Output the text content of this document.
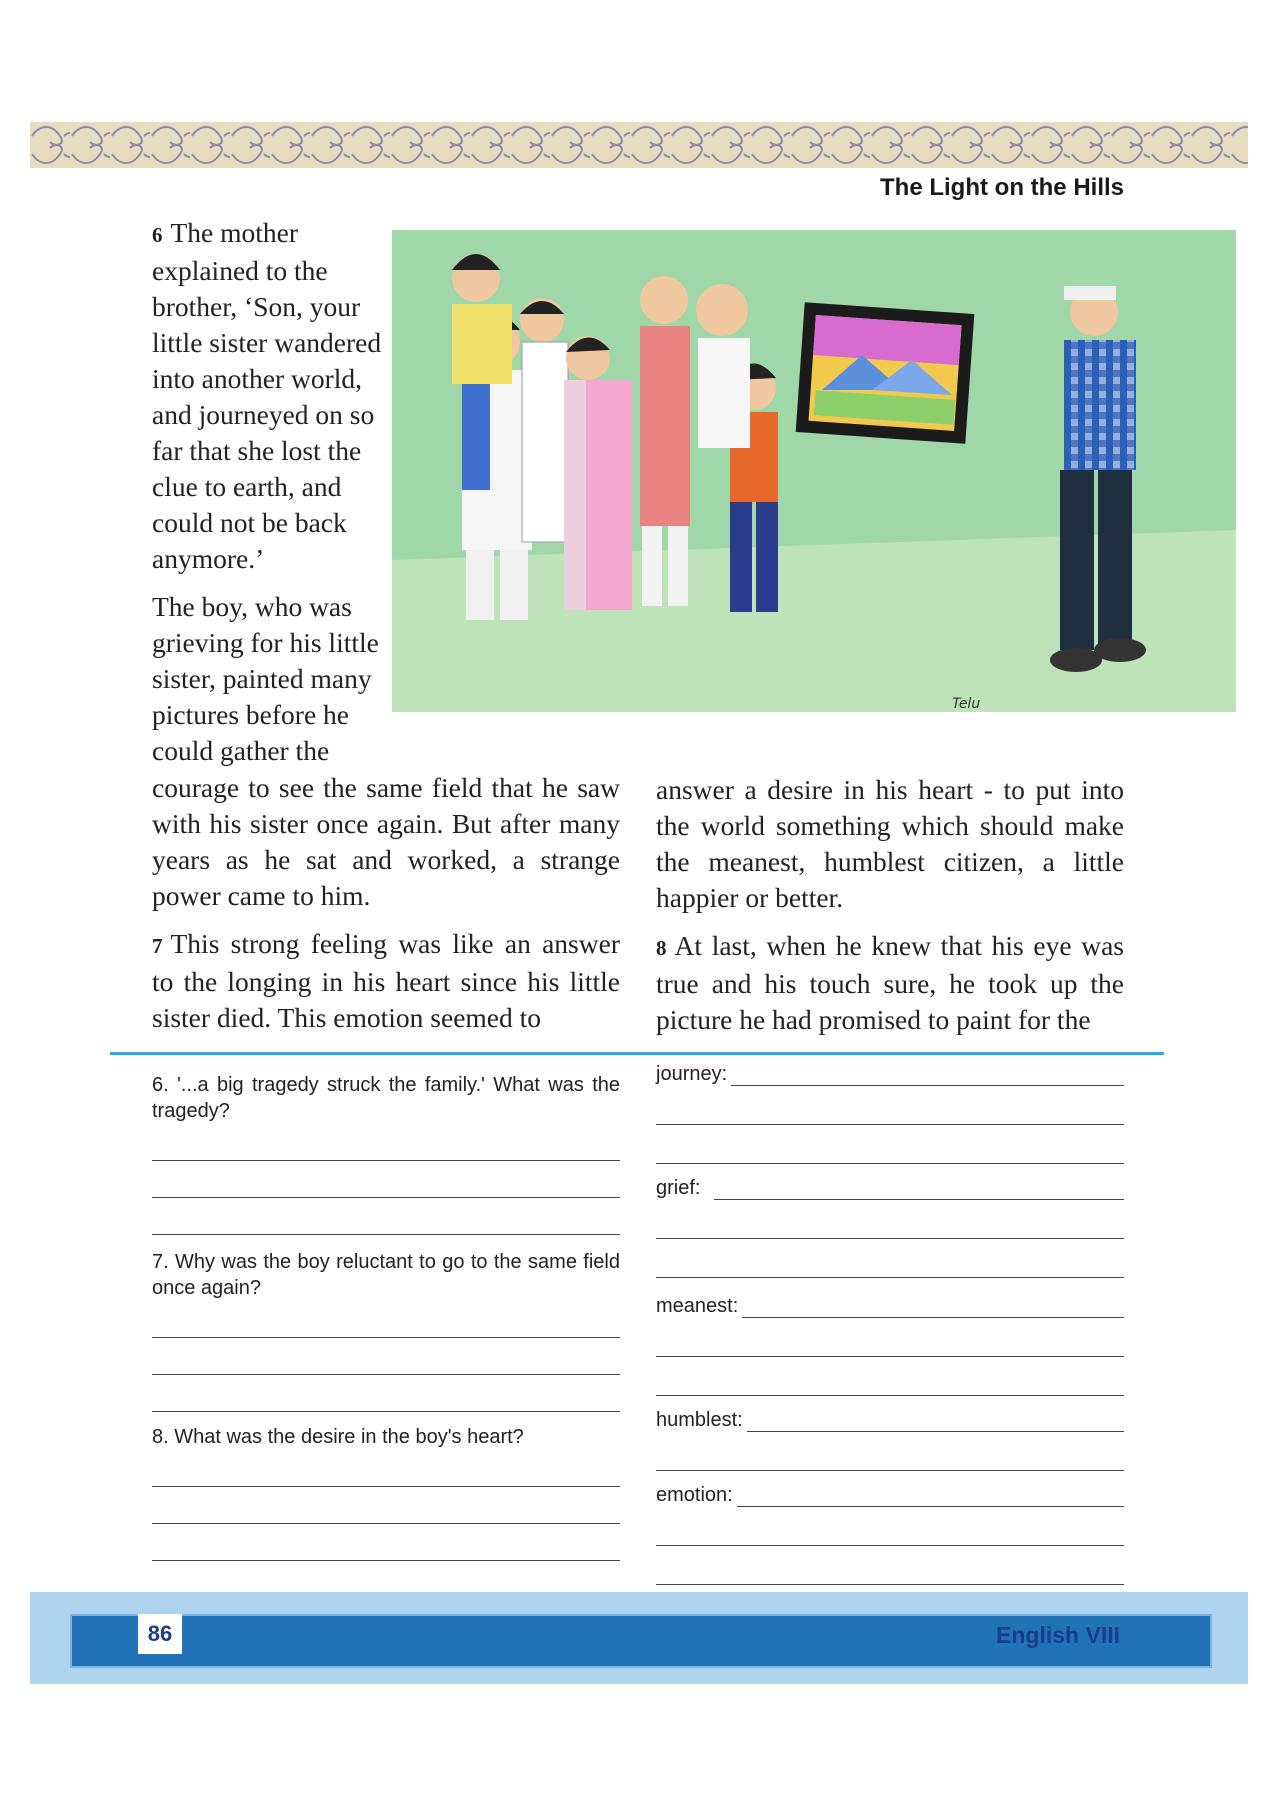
The Light on the Hills
6 The mother
explained to the
brother, ‘Son, your
little sister wandered
into another world,
and journeyed on so
far that she lost the
clue to earth, and
could not be back
anymore.’
The boy, who was
grieving for his little
sister, painted many
pictures before he
could gather the
Telu

courage to see the same field that he saw with his sister once again. But after many years as he sat and worked, a strange power came to him.

7 This strong feeling was like an answer to the longing in his heart since his little sister died. This emotion seemed to

answer a desire in his heart - to put into the world something which should make the meanest, humblest citizen, a little happier or better.

8 At last, when he knew that his eye was true and his touch sure, he took up the picture he had promised to paint for the

6. '...a big tragedy struck the family.' What was the tragedy?

7. Why was the boy reluctant to go to the same field once again?

8. What was the desire in the boy's heart?

journey:
grief:
meanest:
humblest:
emotion:
86	English VIII
